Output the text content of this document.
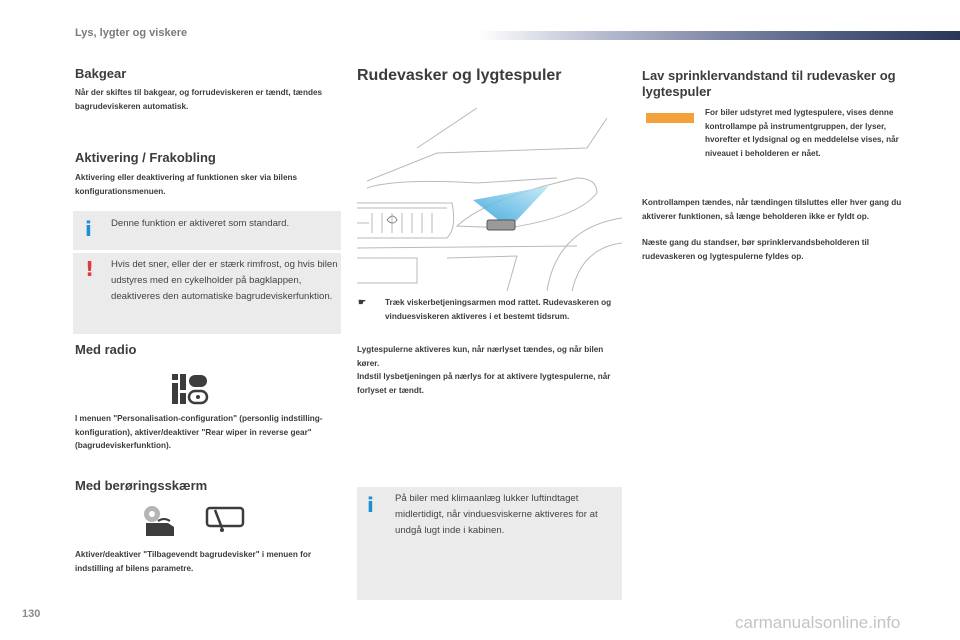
Lys, lygter og viskere
Bakgear

Når der skiftes til bakgear, og forrudeviskeren er tændt, tændes bagrudeviskeren automatisk.

Aktivering / Frakobling

Aktivering eller deaktivering af funktionen sker via bilens konfigurationsmenuen.

i Denne funktion er aktiveret som standard.
! Hvis det sner, eller der er stærk rimfrost, og hvis bilen udstyres med en cykelholder på bagklappen, deaktiveres den automatiske bagrudeviskerfunktion.
Med radio

I menuen "Personalisation-configuration" (personlig indstilling-konfiguration), aktiver/deaktiver "Rear wiper in reverse gear" (bagrudeviskerfunktion).

Med berøringsskærm

Aktiver/deaktiver "Tilbagevendt bagrudevisker" i menuen for indstilling af bilens parametre.

Rudevasker og lygtespuler
☛ Træk viskerbetjeningsarmen mod rattet. Rudevaskeren og vinduesviskeren aktiveres i et bestemt tidsrum.

Lygtespulerne aktiveres kun, når nærlyset tændes, og når bilen kører.

Indstil lysbetjeningen på nærlys for at aktivere lygtespulerne, når forlyset er tændt.

i På biler med klimaanlæg lukker luftindtaget midlertidigt, når vinduesviskerne aktiveres for at undgå lugt inde i kabinen.
Lav sprinklervandstand til rudevasker og lygtespuler

For biler udstyret med lygtespulere, vises denne kontrollampe på instrumentgruppen, der lyser, hvorefter et lydsignal og en meddelelse vises, når niveauet i beholderen er nået.

Kontrollampen tændes, når tændingen tilsluttes eller hver gang du aktiverer funktionen, så længe beholderen ikke er fyldt op.

Næste gang du standser, bør sprinklervandsbeholderen til rudevaskeren og lygtespulerne fyldes op.

130	carmanualsonline.info
